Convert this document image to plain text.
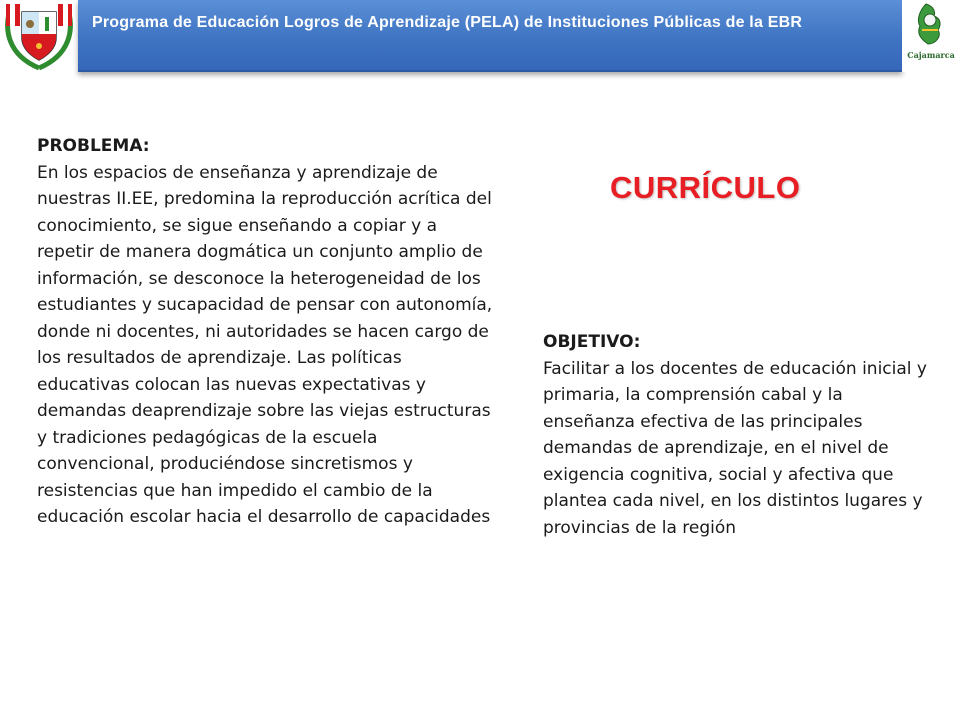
Programa de Educación Logros de Aprendizaje (PELA) de Instituciones Públicas de la EBR
Cajamarca
PROBLEMA:
En los espacios de enseñanza y aprendizaje de nuestras II.EE, predomina la reproducción acrítica del conocimiento, se sigue enseñando a copiar y a repetir de manera dogmática un conjunto amplio de información, se desconoce la heterogeneidad de los estudiantes y sucapacidad de pensar con autonomía, donde ni docentes, ni autoridades se hacen cargo de los resultados de aprendizaje. Las políticas educativas colocan las nuevas expectativas y demandas deaprendizaje sobre las viejas estructuras y tradiciones pedagógicas de la escuela convencional, produciéndose sincretismos y resistencias que han impedido el cambio de la educación escolar hacia el desarrollo de capacidades
CURRÍCULO
OBJETIVO:
Facilitar a los docentes de educación inicial y primaria, la comprensión cabal y la enseñanza efectiva de las principales demandas de aprendizaje, en el nivel de exigencia cognitiva, social y afectiva que plantea cada nivel, en los distintos lugares y provincias de la región
